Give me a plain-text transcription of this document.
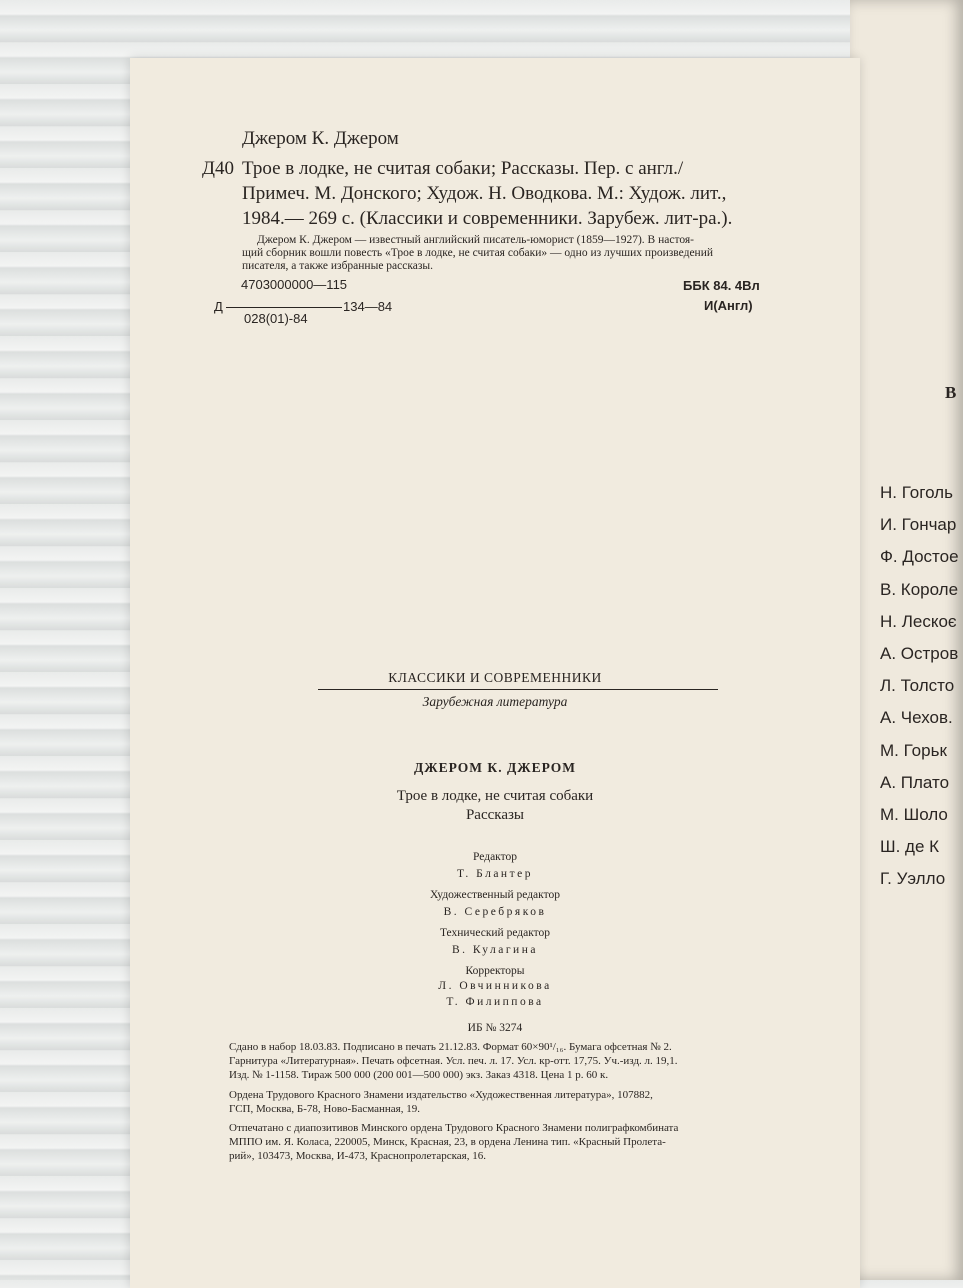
В
Н. Гоголь
И. Гончар
Ф. Достое
В. Короле
Н. Лескоє
А. Остров
Л. Толсто
А. Чехов.
М. Горьк
А. Плато
М. Шоло
Ш. де К
Г. Уэлло
Джером К. Джером
Д40 Трое в лодке, не считая собаки; Рассказы. Пер. с англ./
Примеч. М. Донского; Худож. Н. Оводкова. М.: Худож. лит.,
1984.— 269 с. (Классики и современники. Зарубеж. лит-ра.).
Джером К. Джером — известный английский писатель-юморист (1859—1927). В настоя-
щий сборник вошли повесть «Трое в лодке, не считая собаки» — одно из лучших произведений
писателя, а также избранные рассказы.
4703000000—115
Д	134—84
028(01)-84
ББК 84. 4Вл
И(Англ)
КЛАССИКИ И СОВРЕМЕННИКИ
Зарубежная литература
ДЖЕРОМ К. ДЖЕРОМ
Трое в лодке, не считая собаки
Рассказы
Редактор
Т. Блантер
Художественный редактор
В. Серебряков
Технический редактор
В. Кулагина
Корректоры
Л. Овчинникова
Т. Филиппова
ИБ № 3274
Сдано в набор 18.03.83. Подписано в печать 21.12.83. Формат 60×90¹/₁₆. Бумага офсетная № 2.
Гарнитура «Литературная». Печать офсетная. Усл. печ. л. 17. Усл. кр-отт. 17,75. Уч.-изд. л. 19,1.
Изд. № 1-1158. Тираж 500 000 (200 001—500 000) экз. Заказ 4318. Цена 1 р. 60 к.
Ордена Трудового Красного Знамени издательство «Художественная литература», 107882,
ГСП, Москва, Б-78, Ново-Басманная, 19.
Отпечатано с диапозитивов Минского ордена Трудового Красного Знамени полиграфкомбината
МППО им. Я. Коласа, 220005, Минск, Красная, 23, в ордена Ленина тип. «Красный Пролета-
рий», 103473, Москва, И-473, Краснопролетарская, 16.
